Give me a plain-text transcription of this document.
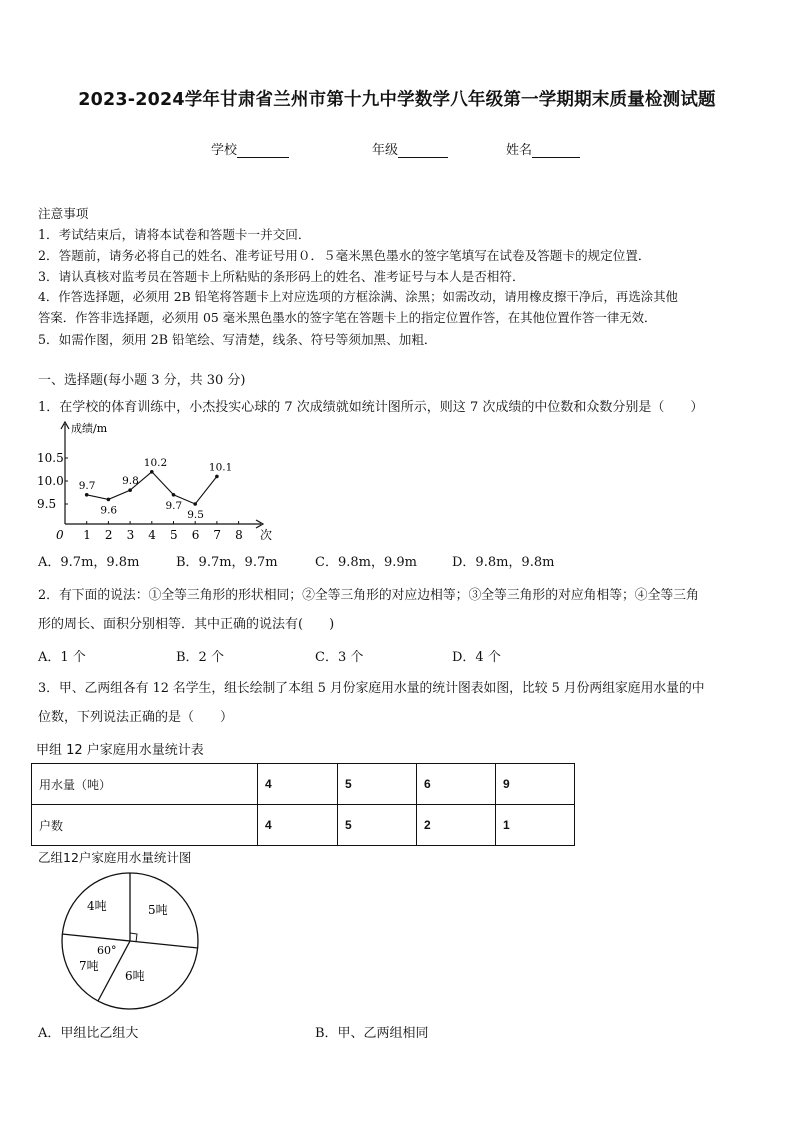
2023-2024学年甘肃省兰州市第十九中学数学八年级第一学期期末质量检测试题
学校	年级	姓名
注意事项
1．考试结束后，请将本试卷和答题卡一并交回．
2．答题前，请务必将自己的姓名、准考证号用０．５毫米黑色墨水的签字笔填写在试卷及答题卡的规定位置．
3．请认真核对监考员在答题卡上所粘贴的条形码上的姓名、准考证号与本人是否相符．
4．作答选择题，必须用 2B 铅笔将答题卡上对应选项的方框涂满、涂黑；如需改动，请用橡皮擦干净后，再选涂其他
答案．作答非选择题，必须用 05 毫米黑色墨水的签字笔在答题卡上的指定位置作答，在其他位置作答一律无效．
5．如需作图，须用 2B 铅笔绘、写清楚，线条、符号等须加黑、加粗．
一、选择题(每小题 3 分，共 30 分)
1．在学校的体育训练中，小杰投实心球的 7 次成绩就如统计图所示，则这 7 次成绩的中位数和众数分别是（　　）
成绩/m
次
0 1 2 3 4 5 6 7 8
9.5
10.0
10.5
9.7
9.6
9.8
10.2
9.7
9.5
10.1
A．9.7m，9.8m	B．9.7m，9.7m	C．9.8m，9.9m	D．9.8m，9.8m
2．有下面的说法：①全等三角形的形状相同；②全等三角形的对应边相等；③全等三角形的对应角相等；④全等三角
形的周长、面积分别相等．其中正确的说法有(　　)
A．1 个	B．2 个	C．3 个	D．4 个
3．甲、乙两组各有 12 名学生，组长绘制了本组 5 月份家庭用水量的统计图表如图，比较 5 月份两组家庭用水量的中
位数，下列说法正确的是（　　）
甲组 12 户家庭用水量统计表
用水量（吨）	4	5	6	9
户数	4	5	2	1
乙组12户家庭用水量统计图
4吨	5吨
60°
7吨
6吨
A．甲组比乙组大	B．甲、乙两组相同
